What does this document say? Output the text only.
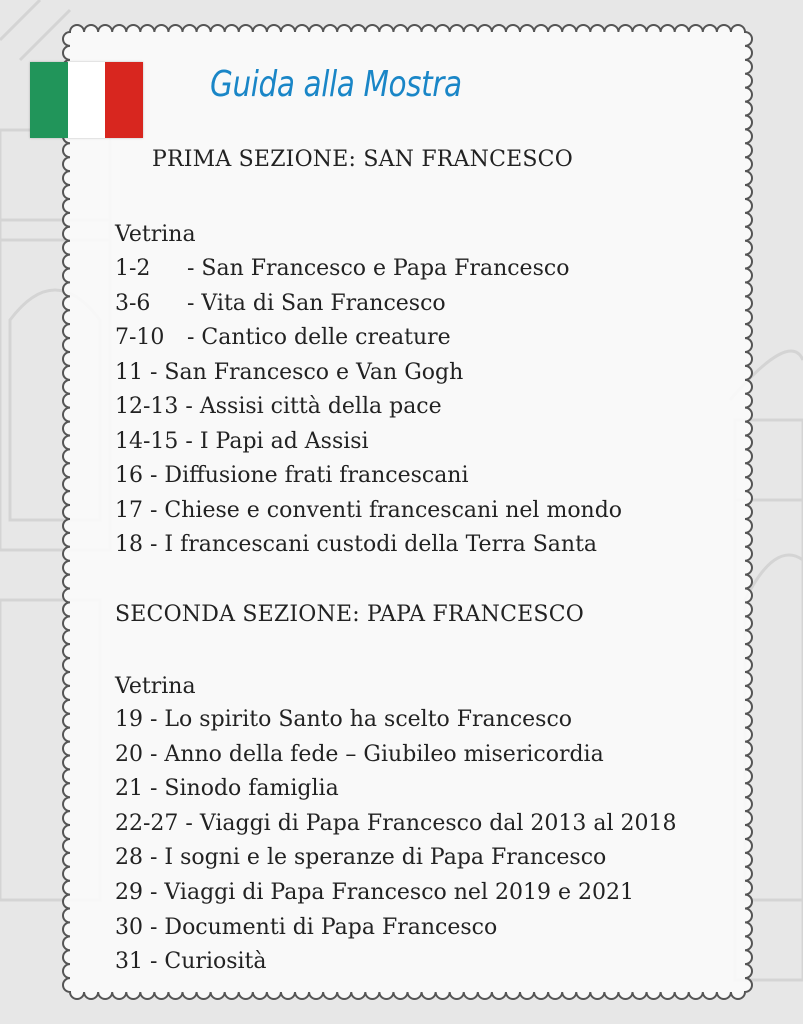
Guida alla Mostra
PRIMA SEZIONE: SAN FRANCESCO
Vetrina
1-2 - San Francesco e Papa Francesco
3-6 - Vita di San Francesco
7-10 - Cantico delle creature
11 - San Francesco e Van Gogh
12-13 - Assisi città della pace
14-15 - I Papi ad Assisi
16 - Diffusione frati francescani
17 - Chiese e conventi francescani nel mondo
18 - I francescani custodi della Terra Santa
SECONDA SEZIONE: PAPA FRANCESCO
Vetrina
19 - Lo spirito Santo ha scelto Francesco
20 - Anno della fede – Giubileo misericordia
21 - Sinodo famiglia
22-27 - Viaggi di Papa Francesco dal 2013 al 2018
28 - I sogni e le speranze di Papa Francesco
29 - Viaggi di Papa Francesco nel 2019 e 2021
30 - Documenti di Papa Francesco
31 - Curiosità
